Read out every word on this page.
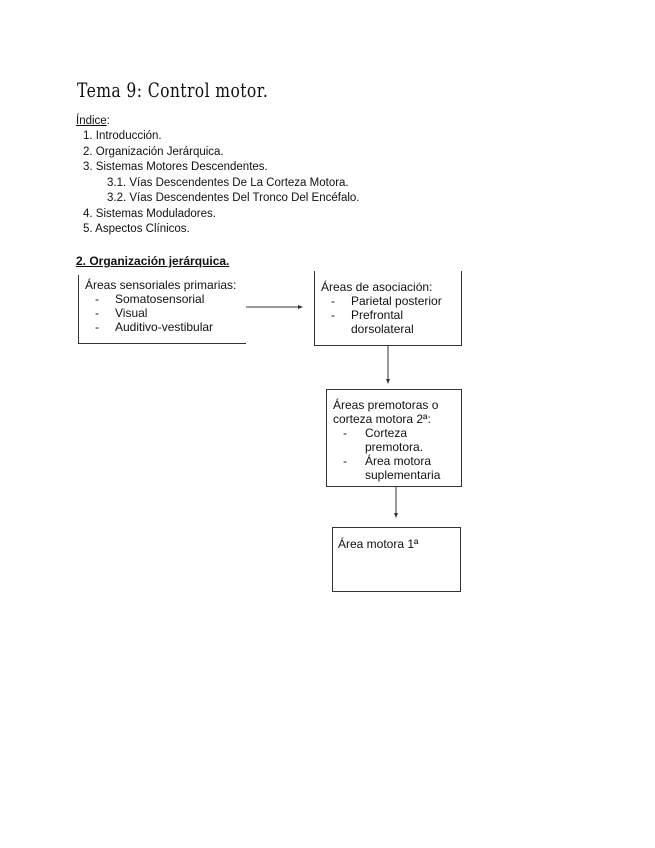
Tema 9: Control motor.
Índice:
1. Introducción.
2. Organización Jerárquica.
3. Sistemas Motores Descendentes.
3.1. Vías Descendentes De La Corteza Motora.
3.2. Vías Descendentes Del Tronco Del Encéfalo.
4. Sistemas Moduladores.
5. Aspectos Clínicos.
2. Organización jerárquica.
Áreas sensoriales primarias:
- Somatosensorial
- Visual
- Auditivo-vestibular
Áreas de asociación:
- Parietal posterior
- Prefrontal dorsolateral
Áreas premotoras o corteza motora 2ª:
- Corteza premotora.
- Área motora suplementaria
Área motora 1ª
